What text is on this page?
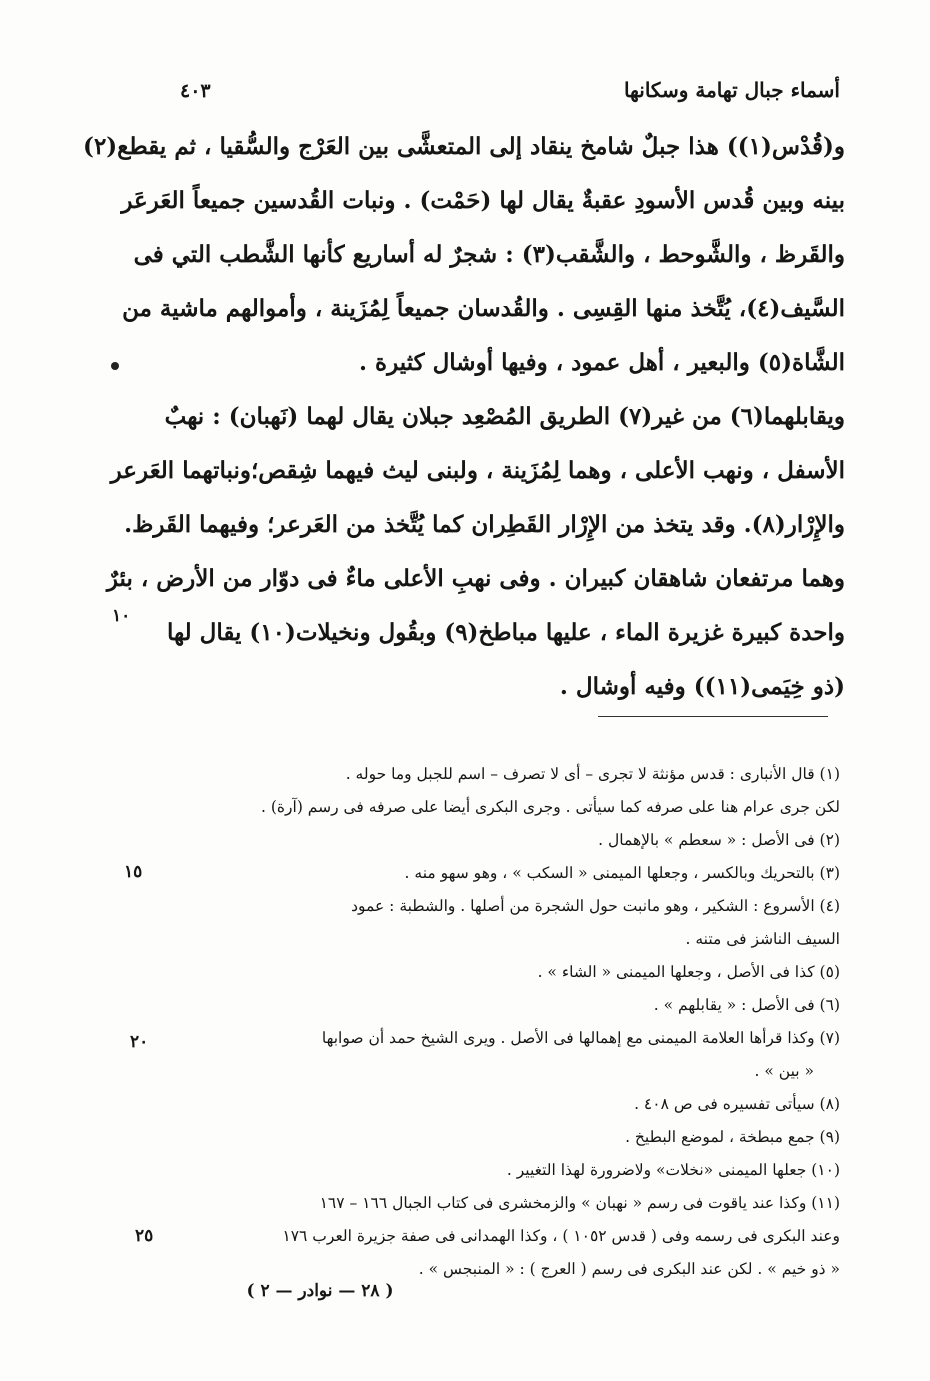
أسماء جبال تهامة وسكانها
٤٠٣
و(قُدْس(١)) هذا جبلٌ شامخ ينقاد إلى المتعشَّى بين العَرْج والسُّقيا ، ثم يقطع(٢)
بينه وبين قُدس الأسودِ عقبةٌ يقال لها (حَمْت) . ونبات القُدسين جميعاً العَرعَر
والقَرظ ، والشَّوحط ، والشَّقب(٣) : شجرٌ له أساريع كأنها الشَّطب التي فى
السَّيف(٤)، يُتَّخذ منها القِسِى . والقُدسان جميعاً لِمُزَينة ، وأموالهم ماشية من
الشَّاة(٥) والبعير ، أهل عمود ، وفيها أوشال كثيرة .
ويقابلهما(٦) من غير(٧) الطريق المُصْعِد جبلان يقال لهما (نَهبان) : نهبٌ
الأسفل ، ونهب الأعلى ، وهما لِمُزَينة ، ولبنى ليث فيهما شِقص؛ونباتهما العَرعر
والإِرْار(٨). وقد يتخذ من الإِرْار القَطِران كما يُتَّخذ من العَرعر؛ وفيهما القَرظ.
وهما مرتفعان شاهقان كبيران . وفى نهبِ الأعلى ماءٌ فى دوّار من الأرض ، بئرٌ
واحدة كبيرة غزيرة الماء ، عليها مباطخ(٩) وبقُول ونخيلات(١٠) يقال لها
(ذو خِيَمى(١١)) وفيه أوشال .
١٠
١٥
٢٠
٢٥
(١) قال الأنبارى : قدس مؤنثة لا تجرى – أى لا تصرف – اسم للجبل وما حوله .
لكن جرى عرام هنا على صرفه كما سيأتى . وجرى البكرى أيضا على صرفه فى رسم (آرة) .
(٢) فى الأصل : « سعطم » بالإهمال .
(٣) بالتحريك وبالكسر ، وجعلها الميمنى « السكب » ، وهو سهو منه .
(٤) الأسروع : الشكير ، وهو مانبت حول الشجرة من أصلها . والشطبة : عمود
السيف الناشز فى متنه .
(٥) كذا فى الأصل ، وجعلها الميمنى « الشاء » .
(٦) فى الأصل : « يقابلهم » .
(٧) وكذا قرأها العلامة الميمنى مع إهمالها فى الأصل . ويرى الشيخ حمد أن صوابها
« بين » .
(٨) سيأتى تفسيره فى ص ٤٠٨ .
(٩) جمع مبطخة ، لموضع البطيخ .
(١٠) جعلها الميمنى «نخلات» ولاضرورة لهذا التغيير .
(١١) وكذا عند ياقوت فى رسم « نهبان » والزمخشرى فى كتاب الجبال ١٦٦ – ١٦٧
وعند البكرى فى رسمه وفى ( قدس ١٠٥٢ ) ، وكذا الهمدانى فى صفة جزيرة العرب ١٧٦
« ذو خيم » . لكن عند البكرى فى رسم ( العرج ) : « المنبجس » .
( ٢٨ — نوادر — ٢ )
